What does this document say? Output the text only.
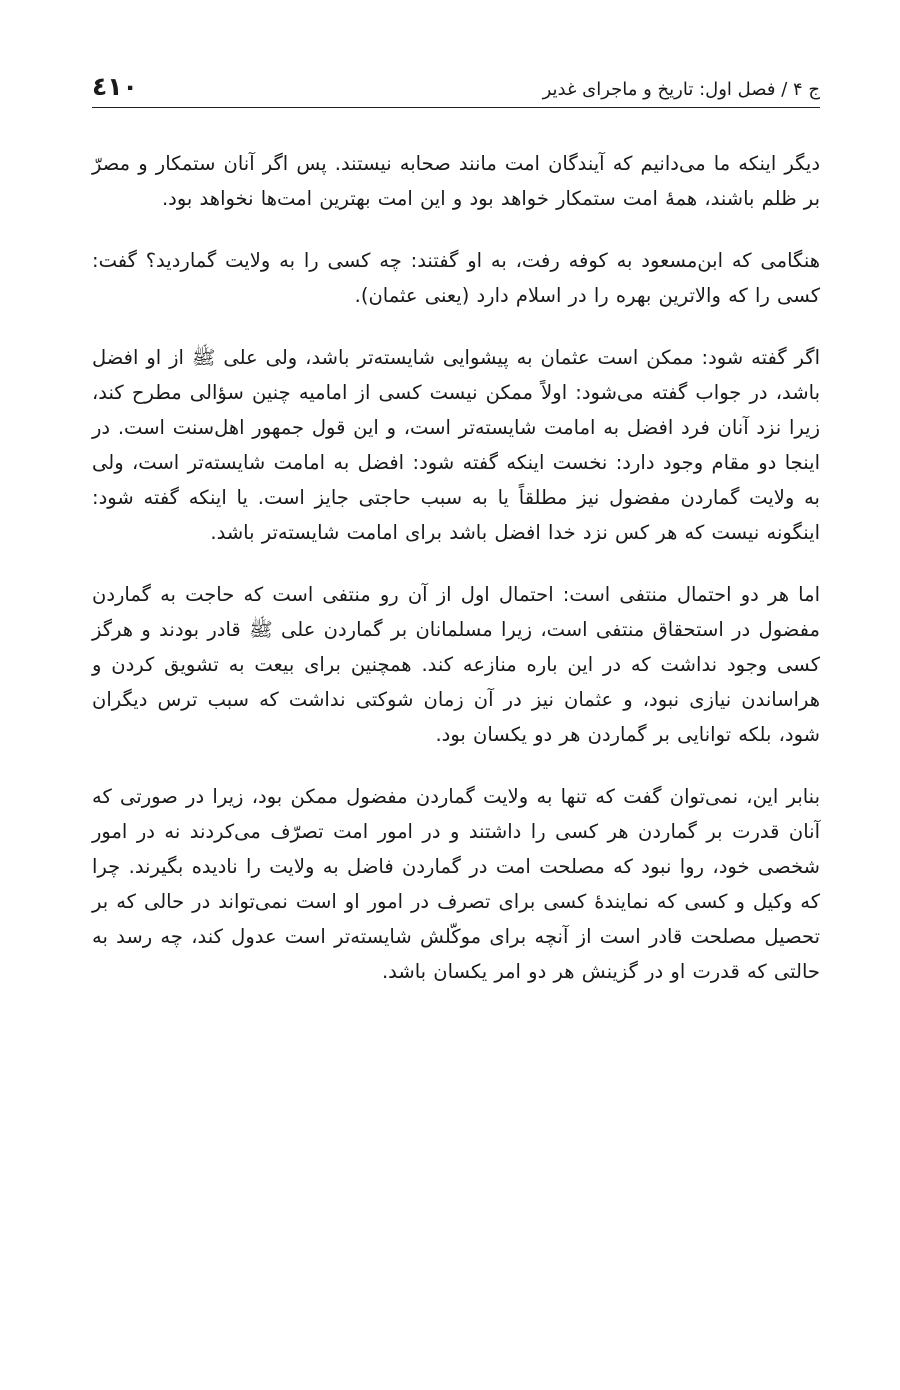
ج ۴ / فصل اول: تاریخ و ماجرای غدیر
٤١٠

دیگر اینکه ما می‌دانیم که آیندگان امت مانند صحابه نیستند. پس اگر آنان ستمکار و مصرّ بر ظلم باشند، همهٔ امت ستمکار خواهد بود و این امت بهترین امت‌ها نخواهد بود.

هنگامی که ابن‌مسعود به کوفه رفت، به او گفتند: چه کسی را به ولایت گماردید؟ گفت: کسی را که والاترین بهره را در اسلام دارد (یعنی عثمان).

اگر گفته شود: ممکن است عثمان به پیشوایی شایسته‌تر باشد، ولی علی ﷺ از او افضل باشد، در جواب گفته می‌شود: اولاً ممکن نیست کسی از امامیه چنین سؤالی مطرح کند، زیرا نزد آنان فرد افضل به امامت شایسته‌تر است، و این قول جمهور اهل‌سنت است. در اینجا دو مقام وجود دارد: نخست اینکه گفته شود: افضل به امامت شایسته‌تر است، ولی به ولایت گماردن مفضول نیز مطلقاً یا به سبب حاجتی جایز است. یا اینکه گفته شود: اینگونه نیست که هر کس نزد خدا افضل باشد برای امامت شایسته‌تر باشد.

اما هر دو احتمال منتفی است: احتمال اول از آن رو منتفی است که حاجت به گماردن مفضول در استحقاق منتفی است، زیرا مسلمانان بر گماردن علی ﷺ قادر بودند و هرگز کسی وجود نداشت که در این باره منازعه کند. همچنین برای بیعت به تشویق کردن و هراساندن نیازی نبود، و عثمان نیز در آن زمان شوکتی نداشت که سبب ترس دیگران شود، بلکه توانایی بر گماردن هر دو یکسان بود.

بنابر این، نمی‌توان گفت که تنها به ولایت گماردن مفضول ممکن بود، زیرا در صورتی که آنان قدرت بر گماردن هر کسی را داشتند و در امور امت تصرّف می‌کردند نه در امور شخصی خود، روا نبود که مصلحت امت در گماردن فاضل به ولایت را نادیده بگیرند. چرا که وکیل و کسی که نمایندهٔ کسی برای تصرف در امور او است نمی‌تواند در حالی که بر تحصیل مصلحت قادر است از آنچه برای موکّلش شایسته‌تر است عدول کند، چه رسد به حالتی که قدرت او در گزینش هر دو امر یکسان باشد.
